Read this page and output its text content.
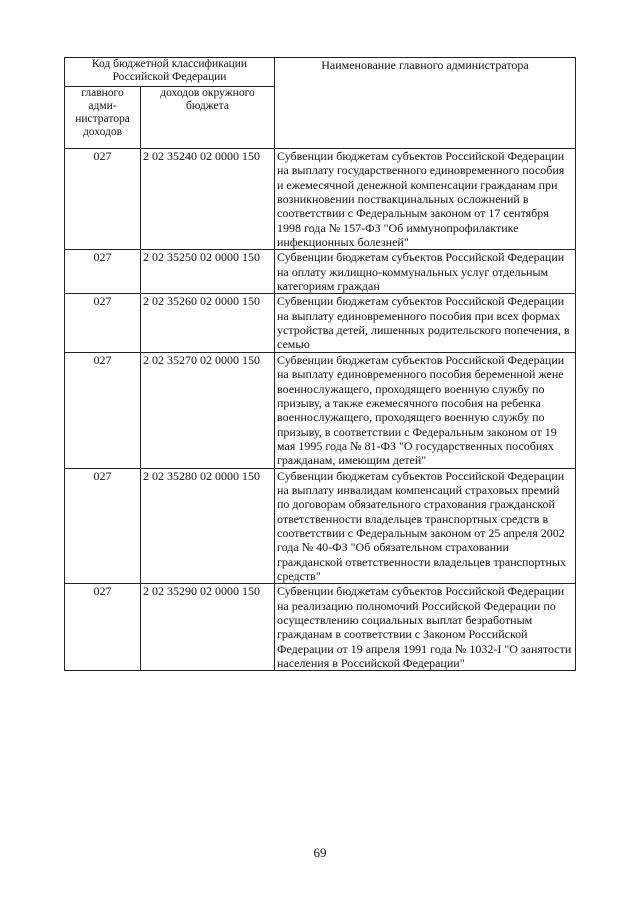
Код бюджетной классификации Российской Федерации		Наименование главного администратора
главного адми-нистратора доходов	доходов окружного бюджета	
027	2 02 35240 02 0000 150	Субвенции бюджетам субъектов Российской Федерации на выплату государственного единовременного пособия и ежемесячной денежной компенсации гражданам при возникновении поствакцинальных осложнений в соответствии с Федеральным законом от 17 сентября 1998 года № 157-ФЗ "Об иммунопрофилактике инфекционных болезней"
027	2 02 35250 02 0000 150	Субвенции бюджетам субъектов Российской Федерации на оплату жилищно-коммунальных услуг отдельным категориям граждан
027	2 02 35260 02 0000 150	Субвенции бюджетам субъектов Российской Федерации на выплату единовременного пособия при всех формах устройства детей, лишенных родительского попечения, в семью
027	2 02 35270 02 0000 150	Субвенции бюджетам субъектов Российской Федерации на выплату единовременного пособия беременной жене военнослужащего, проходящего военную службу по призыву, а также ежемесячного пособия на ребенка военнослужащего, проходящего военную службу по призыву, в соответствии с Федеральным законом от 19 мая 1995 года № 81-ФЗ "О государственных пособиях гражданам, имеющим детей"
027	2 02 35280 02 0000 150	Субвенции бюджетам субъектов Российской Федерации на выплату инвалидам компенсаций страховых премий по договорам обязательного страхования гражданской ответственности владельцев транспортных средств в соответствии с Федеральным законом от 25 апреля 2002 года № 40-ФЗ "Об обязательном страховании гражданской ответственности владельцев транспортных средств"
027	2 02 35290 02 0000 150	Субвенции бюджетам субъектов Российской Федерации на реализацию полномочий Российской Федерации по осуществлению социальных выплат безработным гражданам в соответствии с Законом Российской Федерации от 19 апреля 1991 года № 1032-I "О занятости населения в Российской Федерации"
69
